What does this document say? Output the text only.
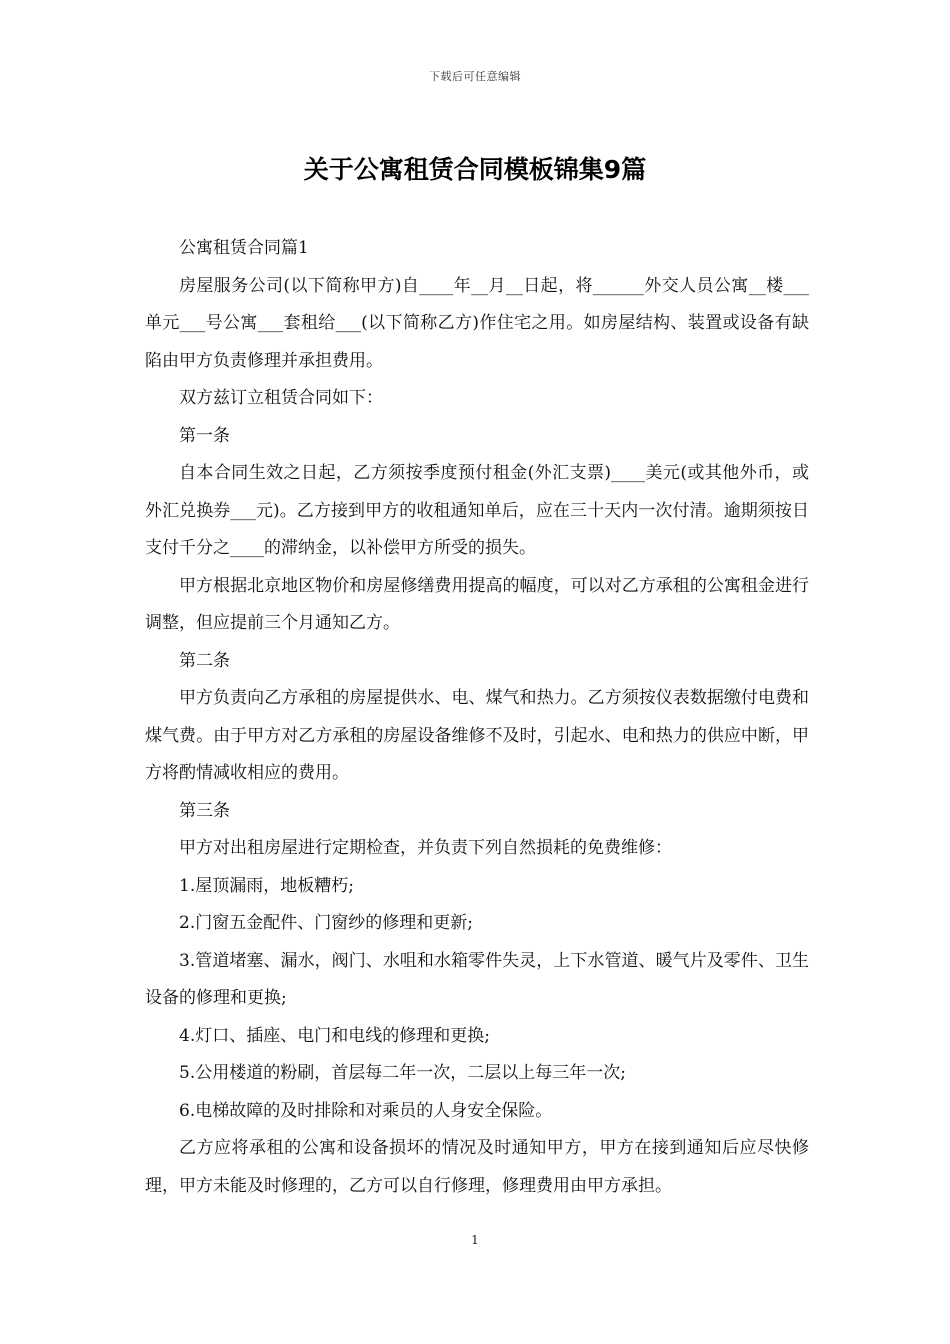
下载后可任意编辑
关于公寓租赁合同模板锦集9篇

公寓租赁合同篇1

房屋服务公司(以下简称甲方)自____年__月__日起，将______外交人员公寓__楼___单元___号公寓___套租给___(以下简称乙方)作住宅之用。如房屋结构、装置或设备有缺陷由甲方负责修理并承担费用。

双方兹订立租赁合同如下：

第一条

自本合同生效之日起，乙方须按季度预付租金(外汇支票)____美元(或其他外币，或外汇兑换券___元)。乙方接到甲方的收租通知单后，应在三十天内一次付清。逾期须按日支付千分之____的滞纳金，以补偿甲方所受的损失。

甲方根据北京地区物价和房屋修缮费用提高的幅度，可以对乙方承租的公寓租金进行调整，但应提前三个月通知乙方。

第二条

甲方负责向乙方承租的房屋提供水、电、煤气和热力。乙方须按仪表数据缴付电费和煤气费。由于甲方对乙方承租的房屋设备维修不及时，引起水、电和热力的供应中断，甲方将酌情减收相应的费用。

第三条

甲方对出租房屋进行定期检查，并负责下列自然损耗的免费维修：

1.屋顶漏雨，地板糟朽;

2.门窗五金配件、门窗纱的修理和更新;

3.管道堵塞、漏水，阀门、水咀和水箱零件失灵，上下水管道、暖气片及零件、卫生设备的修理和更换;

4.灯口、插座、电门和电线的修理和更换;

5.公用楼道的粉刷，首层每二年一次，二层以上每三年一次;

6.电梯故障的及时排除和对乘员的人身安全保险。

乙方应将承租的公寓和设备损坏的情况及时通知甲方，甲方在接到通知后应尽快修理，甲方未能及时修理的，乙方可以自行修理，修理费用由甲方承担。

1
